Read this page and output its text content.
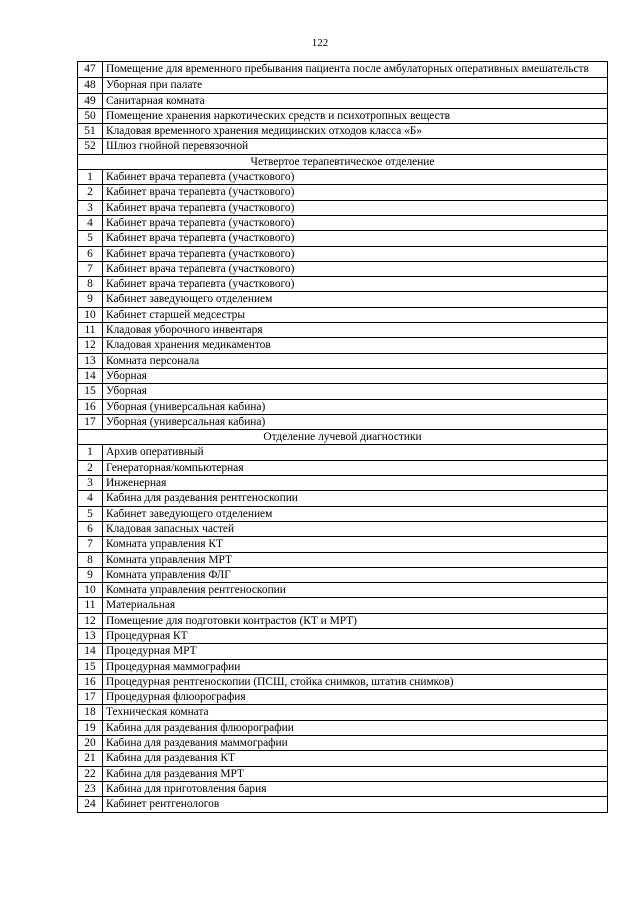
122
47	Помещение для временного пребывания пациента после амбулаторных оперативных вмешательств
48	Уборная при палате
49	Санитарная комната
50	Помещение хранения наркотических средств и психотропных веществ
51	Кладовая временного хранения медицинских отходов класса «Б»
52	Шлюз гнойной перевязочной
Четвертое терапевтическое отделение	
1	Кабинет врача терапевта (участкового)
2	Кабинет врача терапевта (участкового)
3	Кабинет врача терапевта (участкового)
4	Кабинет врача терапевта (участкового)
5	Кабинет врача терапевта (участкового)
6	Кабинет врача терапевта (участкового)
7	Кабинет врача терапевта (участкового)
8	Кабинет врача терапевта (участкового)
9	Кабинет заведующего отделением
10	Кабинет старшей медсестры
11	Кладовая уборочного инвентаря
12	Кладовая хранения медикаментов
13	Комната персонала
14	Уборная
15	Уборная
16	Уборная (универсальная кабина)
17	Уборная (универсальная кабина)
Отделение лучевой диагностики	
1	Архив оперативный
2	Генераторная/компьютерная
3	Инженерная
4	Кабина для раздевания рентгеноскопии
5	Кабинет заведующего отделением
6	Кладовая запасных частей
7	Комната управления КТ
8	Комната управления МРТ
9	Комната управления ФЛГ
10	Комната управления рентгеноскопии
11	Материальная
12	Помещение для подготовки контрастов (КТ и МРТ)
13	Процедурная КТ
14	Процедурная МРТ
15	Процедурная маммографии
16	Процедурная рентгеноскопии (ПСШ, стойка снимков, штатив снимков)
17	Процедурная флюорография
18	Техническая комната
19	Кабина для раздевания флюорографии
20	Кабина для раздевания маммографии
21	Кабина для раздевания КТ
22	Кабина для раздевания МРТ
23	Кабина для приготовления бария
24	Кабинет рентгенологов
